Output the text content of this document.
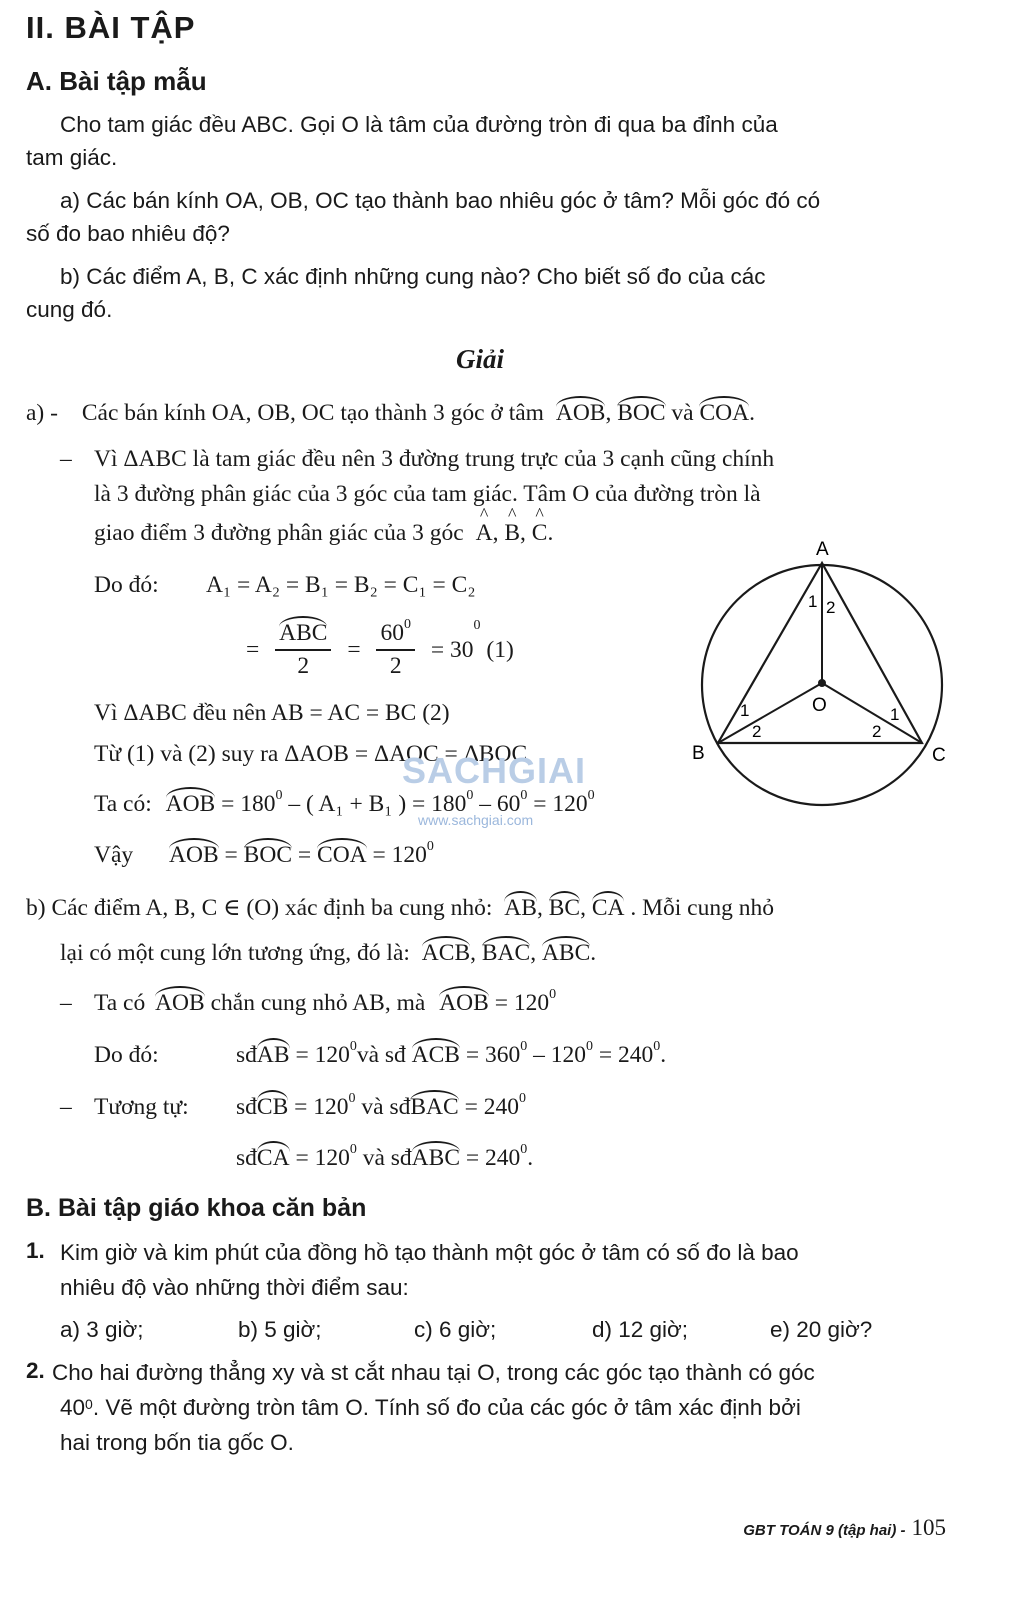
II. BÀI TẬP
A. Bài tập mẫu
Cho tam giác đều ABC. Gọi O là tâm của đường tròn đi qua ba đỉnh của
tam giác.
a) Các bán kính OA, OB, OC tạo thành bao nhiêu góc ở tâm? Mỗi góc đó có
số đo bao nhiêu độ?
b) Các điểm A, B, C xác định những cung nào? Cho biết số đo của các
cung đó.
Giải
a) - Các bán kính OA, OB, OC tạo thành 3 góc ở tâm AOB, BOC và COA.
– Vì ΔABC là tam giác đều nên 3 đường trung trực của 3 cạnh cũng chính
là 3 đường phân giác của 3 góc của tam giác. Tâm O của đường tròn là
giao điểm 3 đường phân giác của 3 góc ^ A, ^ B, ^ C.
Do đó: A₁ = A₂ = B₁ = B₂ = C₁ = C₂
= $\frac{\text{ABC}}{2} = \frac{60^0}{2} = 30^0$ (1)
Vì ΔABC đều nên AB = AC = BC (2)
Từ (1) và (2) suy ra ΔAOB = ΔAOC = ΔBOC
Ta có: AOB = $180^0$ – ( A₁ + B₁ ) = $180^0 - 60^0 = 120^0$
Vậy AOB = BOC = COA = $120^0$
A
B	C
O
1 2
1
2
1
2
SACHGIAI
www.sachgiai.com
b) Các điểm A, B, C ∈ (O) xác định ba cung nhỏ: AB, BC, CA . Mỗi cung nhỏ
lại có một cung lớn tương ứng, đó là: ACB, BAC, ABC.
– Ta có AOB chắn cung nhỏ AB, mà AOB = $120^0$
Do đó:	sđAB = $120^0và$ sđ ACB = $360^0 - 120^0 = 240^0$.
– Tương tự: sđCB = $120^0$ và sđBAC = $240^0$
sđCA = $120^0$ và sđABC = $240^0$.
B. Bài tập giáo khoa căn bản
1. Kim giờ và kim phút của đồng hồ tạo thành một góc ở tâm có số đo là bao
nhiêu độ vào những thời điểm sau:
a) 3 giờ;	b) 5 giờ;	c) 6 giờ;	d) 12 giờ;	e) 20 giờ?
2. Cho hai đường thẳng xy và st cắt nhau tại O, trong các góc tạo thành có góc
$40^0$. Vẽ một đường tròn tâm O. Tính số đo của các góc ở tâm xác định bởi
hai trong bốn tia gốc O.
GBT TOÁN 9 (tập hai) - 105
